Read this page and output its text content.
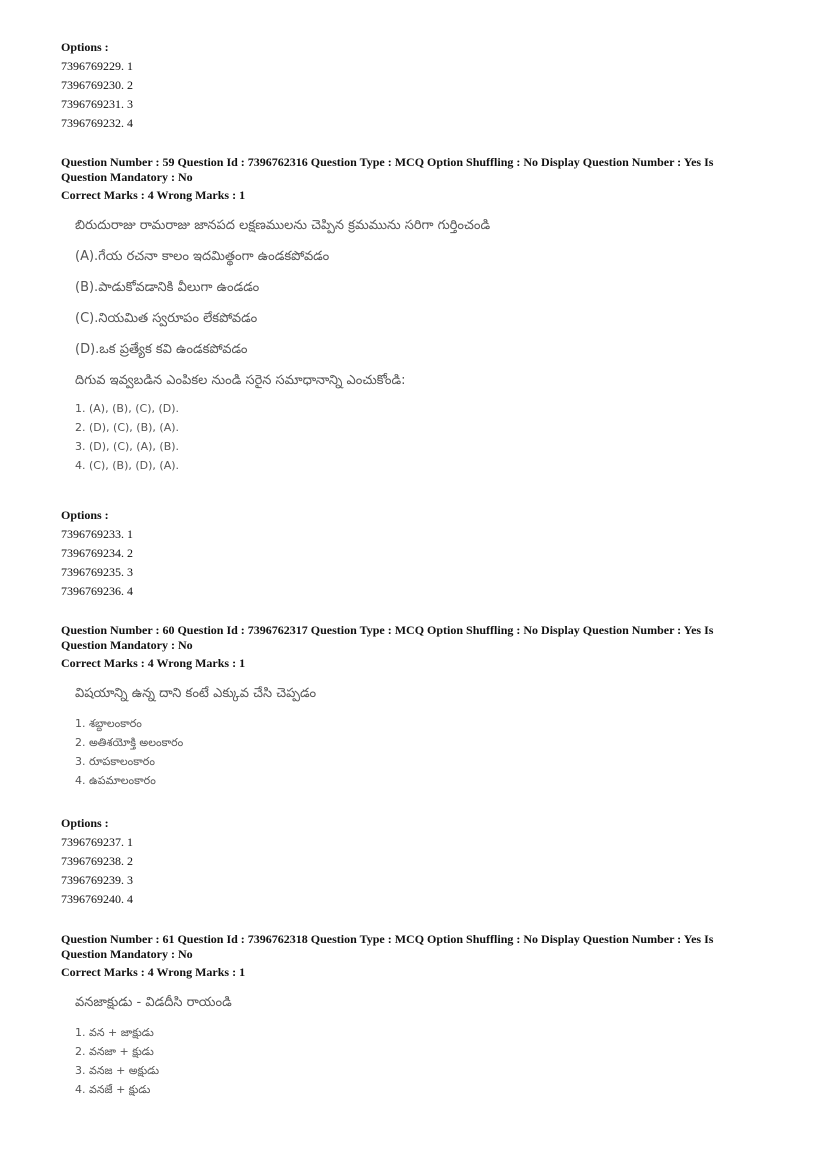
Options :
7396769229. 1
7396769230. 2
7396769231. 3
7396769232. 4
Question Number : 59 Question Id : 7396762316 Question Type : MCQ Option Shuffling : No Display Question Number : Yes Is
Question Mandatory : No
Correct Marks : 4 Wrong Marks : 1
బిరుదురాజు రామరాజు జానపద లక్షణములను చెప్పిన క్రమమును సరిగా గుర్తించండి
(A).గేయ రచనా కాలం ఇదమిత్థంగా ఉండకపోవడం
(B).పాడుకోవడానికి వీలుగా ఉండడం
(C).నియమిత స్వరూపం లేకపోవడం
(D).ఒక ప్రత్యేక కవి ఉండకపోవడం
దిగువ ఇవ్వబడిన ఎంపికల నుండి సరైన సమాధానాన్ని ఎంచుకోండి:
1. (A), (B), (C), (D).
2. (D), (C), (B), (A).
3. (D), (C), (A), (B).
4. (C), (B), (D), (A).
Options :
7396769233. 1
7396769234. 2
7396769235. 3
7396769236. 4
Question Number : 60 Question Id : 7396762317 Question Type : MCQ Option Shuffling : No Display Question Number : Yes Is
Question Mandatory : No
Correct Marks : 4 Wrong Marks : 1
విషయాన్ని ఉన్న దాని కంటే ఎక్కువ చేసి చెప్పడం
1. శబ్దాలంకారం
2. అతిశయోక్తి అలంకారం
3. రూపకాలంకారం
4. ఉపమాలంకారం
Options :
7396769237. 1
7396769238. 2
7396769239. 3
7396769240. 4
Question Number : 61 Question Id : 7396762318 Question Type : MCQ Option Shuffling : No Display Question Number : Yes Is
Question Mandatory : No
Correct Marks : 4 Wrong Marks : 1
వనజాక్షుడు - విడదీసి రాయండి
1. వన + జాక్షుడు
2. వనజా + క్షుడు
3. వనజ + అక్షుడు
4. వనజే + క్షుడు
